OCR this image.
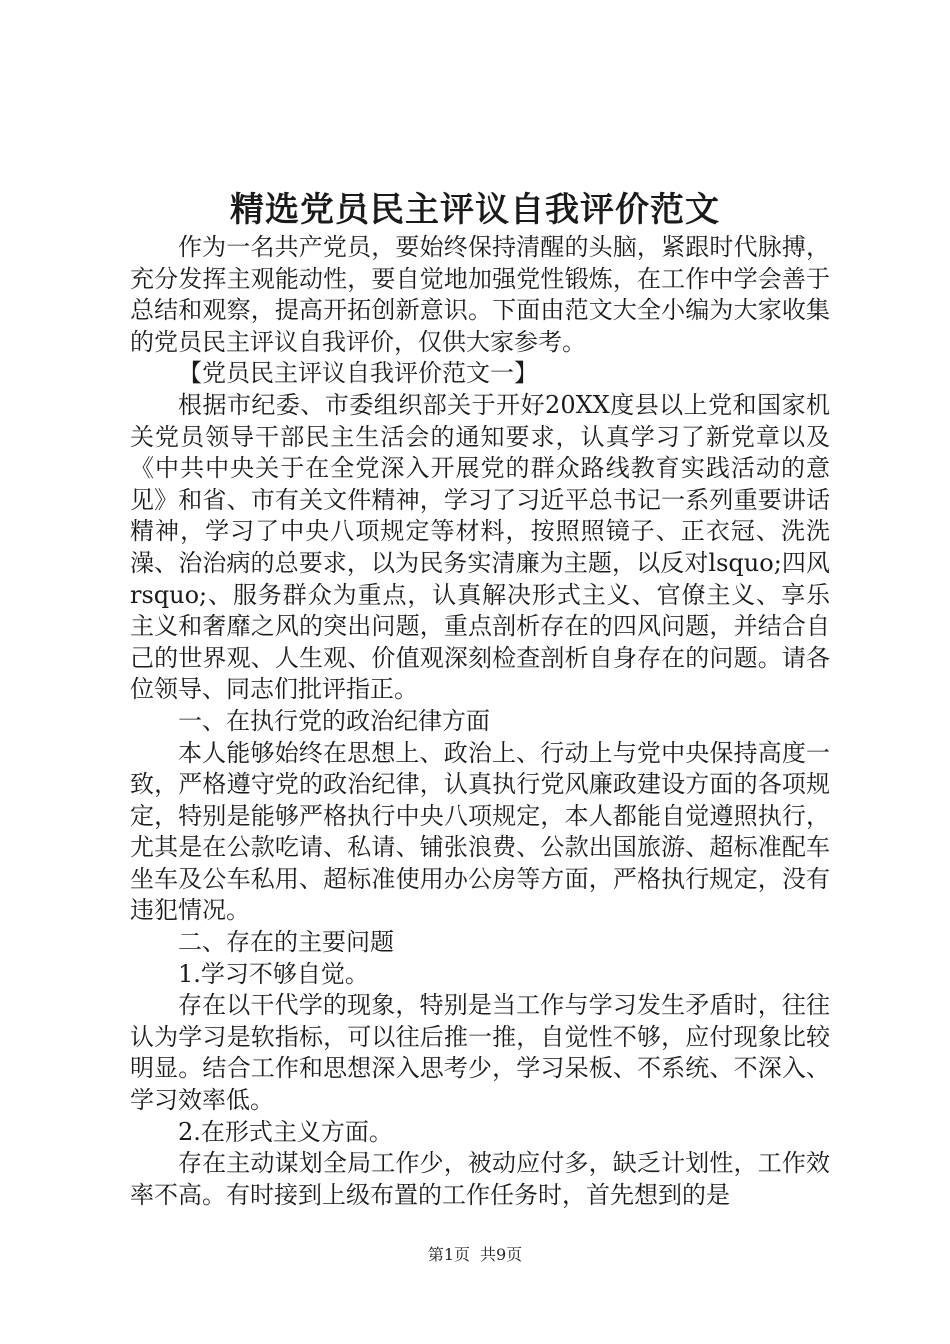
精选党员民主评议自我评价范文

作为一名共产党员，要始终保持清醒的头脑，紧跟时代脉搏，充分发挥主观能动性，要自觉地加强党性锻炼，在工作中学会善于总结和观察，提高开拓创新意识。下面由范文大全小编为大家收集的党员民主评议自我评价，仅供大家参考。

【党员民主评议自我评价范文一】

根据市纪委、市委组织部关于开好20XX度县以上党和国家机关党员领导干部民主生活会的通知要求，认真学习了新党章以及《中共中央关于在全党深入开展党的群众路线教育实践活动的意见》和省、市有关文件精神，学习了习近平总书记一系列重要讲话精神，学习了中央八项规定等材料，按照照镜子、正衣冠、洗洗澡、治治病的总要求，以为民务实清廉为主题，以反对lsquo;四风rsquo;、服务群众为重点，认真解决形式主义、官僚主义、享乐主义和奢靡之风的突出问题，重点剖析存在的四风问题，并结合自己的世界观、人生观、价值观深刻检查剖析自身存在的问题。请各位领导、同志们批评指正。

一、在执行党的政治纪律方面

本人能够始终在思想上、政治上、行动上与党中央保持高度一致，严格遵守党的政治纪律，认真执行党风廉政建设方面的各项规定，特别是能够严格执行中央八项规定，本人都能自觉遵照执行，尤其是在公款吃请、私请、铺张浪费、公款出国旅游、超标准配车坐车及公车私用、超标准使用办公房等方面，严格执行规定，没有违犯情况。

二、存在的主要问题

1.学习不够自觉。

存在以干代学的现象，特别是当工作与学习发生矛盾时，往往认为学习是软指标，可以往后推一推，自觉性不够，应付现象比较明显。结合工作和思想深入思考少，学习呆板、不系统、不深入、学习效率低。

2.在形式主义方面。

存在主动谋划全局工作少，被动应付多，缺乏计划性，工作效率不高。有时接到上级布置的工作任务时，首先想到的是

第1页 共9页
